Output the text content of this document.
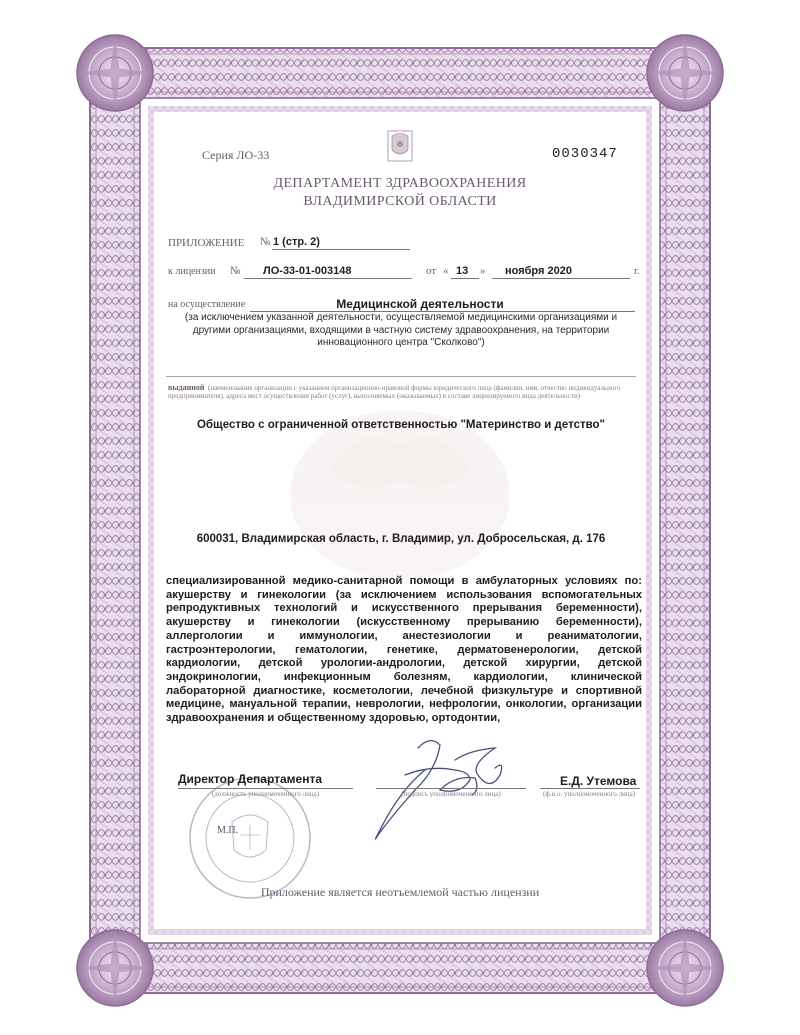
Серия ЛО-33	0030347
ДЕПАРТАМЕНТ ЗДРАВООХРАНЕНИЯ
ВЛАДИМИРСКОЙ ОБЛАСТИ
ПРИЛОЖЕНИЕ № 1 (стр. 2)
к лицензии № ЛО-33-01-003148	от « 13 » ноября 2020	г.
на осуществление	Медицинской деятельности
(за исключением указанной деятельности, осуществляемой медицинскими организациями и
другими организациями, входящими в частную систему здравоохранения, на территории
инновационного центра "Сколково")
выданной (наименование организации с указанием организационно-правовой формы юридического лица (фамилия, имя, отчество индивидуального предпринимателя), адреса мест осуществления работ (услуг), выполняемых (оказываемых) в составе лицензируемого вида деятельности)
Общество с ограниченной ответственностью "Материнство и детство"
600031, Владимирская область, г. Владимир, ул. Добросельская, д. 176
специализированной медико-санитарной помощи в амбулаторных условиях по:
акушерству и гинекологии (за исключением использования вспомогательных
репродуктивных технологий и искусственного прерывания беременности),
акушерству и гинекологии (искусственному прерыванию беременности),
аллергологии и иммунологии, анестезиологии и реаниматологии,
гастроэнтерологии, гематологии, генетике, дерматовенерологии, детской
кардиологии, детской урологии-андрологии, детской хирургии, детской
эндокринологии, инфекционным болезням, кардиологии, клинической
лабораторной диагностике, косметологии, лечебной физкультуре и спортивной
медицине, мануальной терапии, неврологии, нефрологии, онкологии, организации
здравоохранения и общественному здоровью, ортодонтии,
Директор Департамента
(должность уполномоченного лица)	(подпись уполномоченного лица)
Е.Д. Утемова
(ф.и.о. уполномоченного лица)
М.П.
Приложение является неотъемлемой частью лицензии
